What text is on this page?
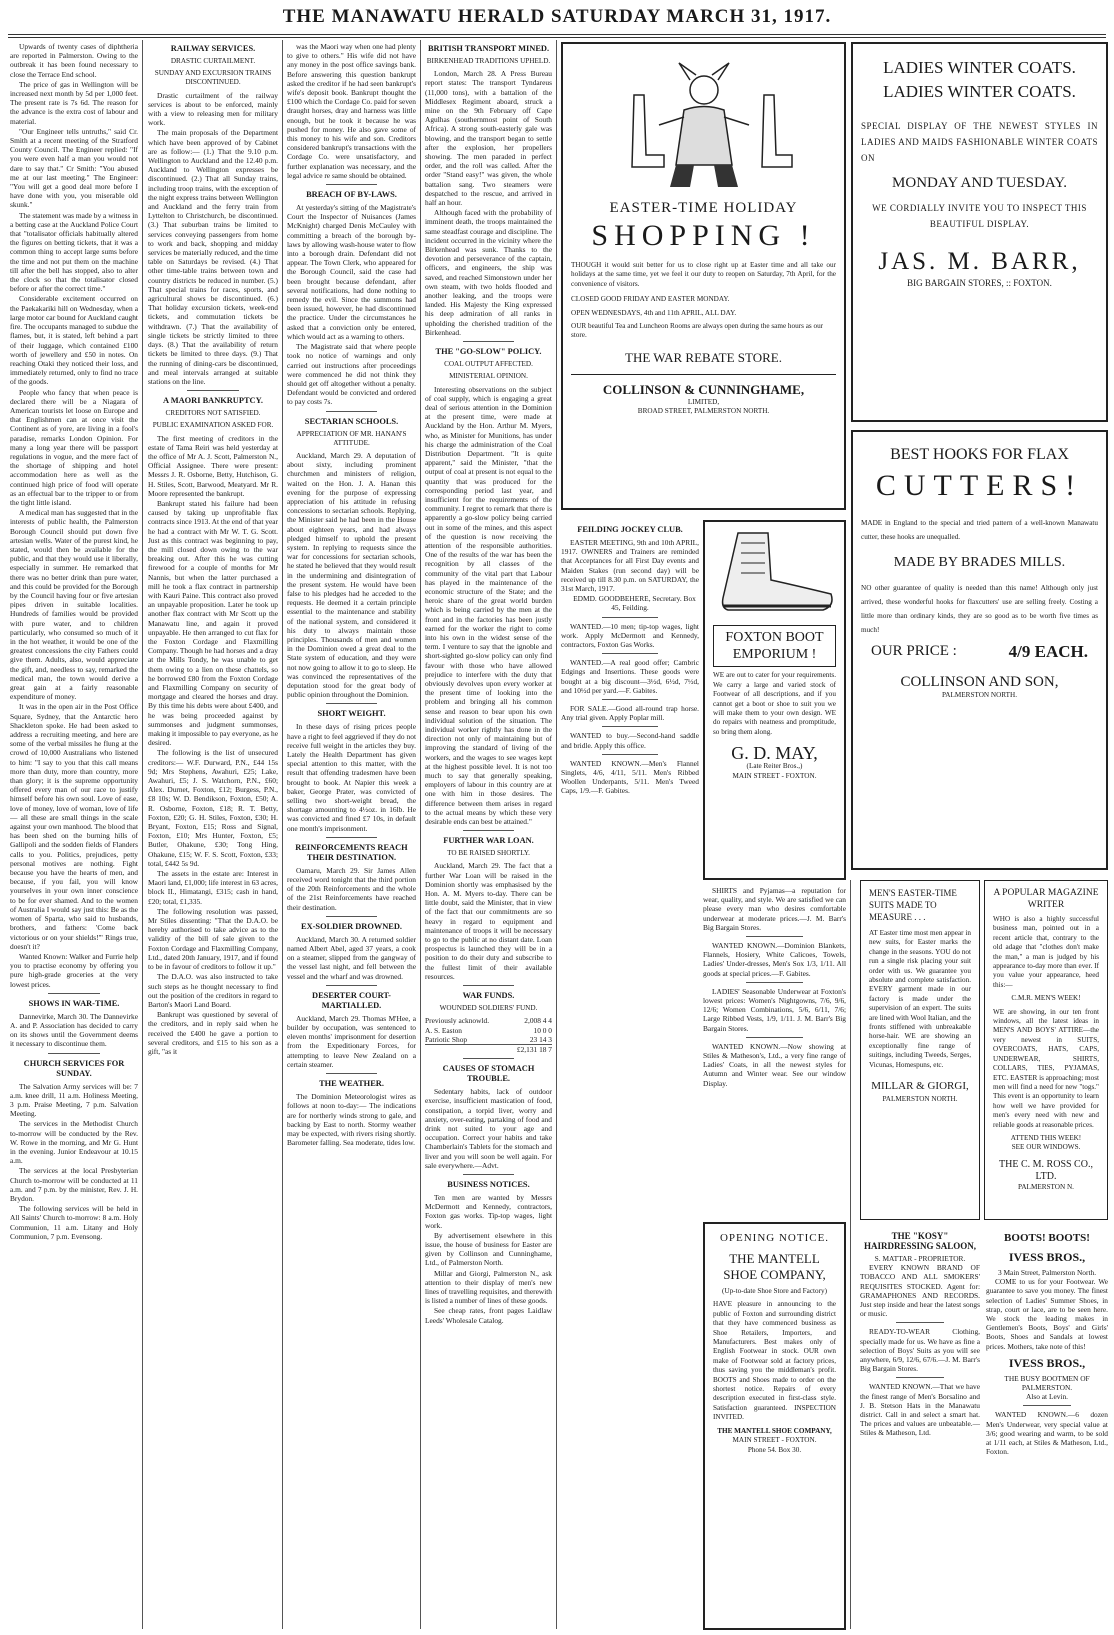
THE MANAWATU HERALD SATURDAY MARCH 31, 1917.

Upwards of twenty cases of diphtheria are reported in Palmerston. Owing to the outbreak it has been found necessary to close the Terrace End school.

The price of gas in Wellington will be increased next month by 5d per 1,000 feet. The present rate is 7s 6d. The reason for the advance is the extra cost of labour and material.

"Our Engineer tells untruths," said Cr. Smith at a recent meeting of the Stratford County Council. The Engineer replied: "If you were even half a man you would not dare to say that." Cr Smith: "You abused me at our last meeting." The Engineer: "You will get a good deal more before I have done with you, you miserable old skunk."

The statement was made by a witness in a betting case at the Auckland Police Court that "totalisator officials habitually altered the figures on betting tickets, that it was a common thing to accept large sums before the time and not put them on the machine till after the bell has stopped, also to alter the clock so that the totalisator closed before or after the correct time."

Considerable excitement occurred on the Paekakariki hill on Wednesday, when a large motor car bound for Auckland caught fire. The occupants managed to subdue the flames, but, it is stated, left behind a part of their luggage, which contained £100 worth of jewellery and £50 in notes. On reaching Otaki they noticed their loss, and immediately returned, only to find no trace of the goods.

People who fancy that when peace is declared there will be a Niagara of American tourists let loose on Europe and that Englishmen can at once visit the Continent as of yore, are living in a fool's paradise, remarks London Opinion. For many a long year there will be passport regulations in vogue, and the mere fact of the shortage of shipping and hotel accommodation here as well as the continued high price of food will operate as an effectual bar to the tripper to or from the tight little island.

A medical man has suggested that in the interests of public health, the Palmerston Borough Council should put down five artesian wells. Water of the purest kind, he stated, would then be available for the public, and that they would use it liberally, especially in summer. He remarked that there was no better drink than pure water, and this could be provided for the Borough by the Council having four or five artesian pipes driven in suitable localities. Hundreds of families would be provided with pure water, and to children particularly, who consumed so much of it in the hot weather, it would be one of the greatest concessions the city Fathers could give them. Adults, also, would appreciate the gift, and, needless to say, remarked the medical man, the town would derive a great gain at a fairly reasonable expenditure of money.

It was in the open air in the Post Office Square, Sydney, that the Antarctic hero Shackleton spoke. He had been asked to address a recruiting meeting, and here are some of the verbal missiles he flung at the crowd of 10,000 Australians who listened to him: "I say to you that this call means more than duty, more than country, more than glory; it is the supreme opportunity offered every man of our race to justify himself before his own soul. Love of ease, love of money, love of woman, love of life — all these are small things in the scale against your own manhood. The blood that has been shed on the burning hills of Gallipoli and the sodden fields of Flanders calls to you. Politics, prejudices, petty personal motives are nothing. Fight because you have the hearts of men, and because, if you fail, you will know yourselves in your own inner conscience to be for ever shamed. And to the women of Australia I would say just this: Be as the women of Sparta, who said to husbands, brothers, and fathers: 'Come back victorious or on your shields!'" Rings true, doesn't it?

Wanted Known: Walker and Furrie help you to practise economy by offering you pure high-grade groceries at the very lowest prices.

SHOWS IN WAR-TIME.

Dannevirke, March 30. The Dannevirke A. and P. Association has decided to carry on its shows until the Government deems it necessary to discontinue them.

CHURCH SERVICES FOR SUNDAY.

The Salvation Army services will be: 7 a.m. knee drill, 11 a.m. Holiness Meeting, 3 p.m. Praise Meeting, 7 p.m. Salvation Meeting.

The services in the Methodist Church to-morrow will be conducted by the Rev. W. Rowe in the morning, and Mr G. Hunt in the evening. Junior Endeavour at 10.15 a.m.

The services at the local Presbyterian Church to-morrow will be conducted at 11 a.m. and 7 p.m. by the minister, Rev. J. H. Brydon.

The following services will be held in All Saints' Church to-morrow: 8 a.m. Holy Communion, 11 a.m. Litany and Holy Communion, 7 p.m. Evensong.

RAILWAY SERVICES.
DRASTIC CURTAILMENT.
SUNDAY AND EXCURSION TRAINS DISCONTINUED.

Drastic curtailment of the railway services is about to be enforced, mainly with a view to releasing men for military work.

The main proposals of the Department which have been approved of by Cabinet are as follow:— (1.) That the 9.10 p.m. Wellington to Auckland and the 12.40 p.m. Auckland to Wellington expresses be discontinued. (2.) That all Sunday trains, including troop trains, with the exception of the night express trains between Wellington and Auckland and the ferry train from Lyttelton to Christchurch, be discontinued. (3.) That suburban trains be limited to services conveying passengers from home to work and back, shopping and midday services be materially reduced, and the time table on Saturdays be revised. (4.) That other time-table trains between town and country districts be reduced in number. (5.) That special trains for races, sports, and agricultural shows be discontinued. (6.) That holiday excursion tickets, week-end tickets, and commutation tickets be withdrawn. (7.) That the availability of single tickets be strictly limited to three days. (8.) That the availability of return tickets be limited to three days. (9.) That the running of dining-cars be discontinued, and meal intervals arranged at suitable stations on the line.

A MAORI BANKRUPTCY.
CREDITORS NOT SATISFIED.
PUBLIC EXAMINATION ASKED FOR.

The first meeting of creditors in the estate of Tama Reiri was held yesterday at the office of Mr A. J. Scott, Palmerston N., Official Assignee. There were present: Messrs J. R. Osborne, Betty, Hutchison, G. H. Stiles, Scott, Barwood, Meatyard. Mr R. Moore represented the bankrupt.

Bankrupt stated his failure had been caused by taking up unprofitable flax contracts since 1913. At the end of that year he had a contract with Mr W. T. G. Scott. Just as this contract was beginning to pay, the mill closed down owing to the war breaking out. After this he was cutting firewood for a couple of months for Mr Nannis, but when the latter purchased a mill he took a flax contract in partnership with Kauri Paine. This contract also proved an unpayable proposition. Later he took up another flax contract with Mr Scott up the Manawatu line, and again it proved unpayable. He then arranged to cut flax for the Foxton Cordage and Flaxmilling Company. Though he had horses and a dray at the Mills Tondy, he was unable to get them owing to a lien on these chattels, so he borrowed £80 from the Foxton Cordage and Flaxmilling Company on security of mortgage and cleared the horses and dray. By this time his debts were about £400, and he was being proceeded against by summonses and judgment summonses, making it impossible to pay everyone, as he desired.

The following is the list of unsecured creditors:— W.F. Durward, P.N., £44 15s 9d; Mrs Stephens, Awahuri, £25; Lake, Awahuri, £5; J. S. Watchorn, P.N., £60; Alex. Durnet, Foxton, £12; Burgess, P.N., £8 10s; W. D. Bendikson, Foxton, £50; A. R. Osborne, Foxton, £18; R. T. Betty, Foxton, £20; G. H. Stiles, Foxton, £30; H. Bryant, Foxton, £15; Ross and Signal, Foxton, £10; Mrs Hunter, Foxton, £5; Butler, Ohakune, £30; Tong Hing, Ohakune, £15; W. F. S. Scott, Foxton, £33; total, £442 5s 9d.

The assets in the estate are: Interest in Maori land, £1,000; life interest in 63 acres, block II., Himatangi, £315; cash in hand, £20; total, £1,335.

The following resolution was passed, Mr Stiles dissenting: "That the D.A.O. be hereby authorised to take advice as to the validity of the bill of sale given to the Foxton Cordage and Flaxmilling Company, Ltd., dated 20th January, 1917, and if found to be in favour of creditors to follow it up."

The D.A.O. was also instructed to take such steps as he thought necessary to find out the position of the creditors in regard to Barton's Maori Land Board.

Bankrupt was questioned by several of the creditors, and in reply said when he received the £400 he gave a portion to several creditors, and £15 to his son as a gift, "as it

was the Maori way when one had plenty to give to others." His wife did not have any money in the post office savings bank. Before answering this question bankrupt asked the creditor if he had seen bankrupt's wife's deposit book. Bankrupt thought the £100 which the Cordage Co. paid for seven draught horses, dray and harness was little enough, but he took it because he was pushed for money. He also gave some of this money to his wife and son. Creditors considered bankrupt's transactions with the Cordage Co. were unsatisfactory, and further explanation was necessary, and the legal advice re same should be obtained.

BREACH OF BY-LAWS.

At yesterday's sitting of the Magistrate's Court the Inspector of Nuisances (James McKnight) charged Denis McCauley with committing a breach of the borough by-laws by allowing wash-house water to flow into a borough drain. Defendant did not appear. The Town Clerk, who appeared for the Borough Council, said the case had been brought because defendant, after several notifications, had done nothing to remedy the evil. Since the summons had been issued, however, he had discontinued the practice. Under the circumstances he asked that a conviction only be entered, which would act as a warning to others.

The Magistrate said that where people took no notice of warnings and only carried out instructions after proceedings were commenced he did not think they should get off altogether without a penalty. Defendant would be convicted and ordered to pay costs 7s.

SECTARIAN SCHOOLS.
APPRECIATION OF MR. HANAN'S ATTITUDE.

Auckland, March 29. A deputation of about sixty, including prominent churchmen and ministers of religion, waited on the Hon. J. A. Hanan this evening for the purpose of expressing appreciation of his attitude in refusing concessions to sectarian schools. Replying, the Minister said he had been in the House about eighteen years, and had always pledged himself to uphold the present system. In replying to requests since the war for concessions for sectarian schools, he stated he believed that they would result in the undermining and disintegration of the present system. He would have been false to his pledges had he acceded to the requests. He deemed it a certain principle essential to the maintenance and stability of the national system, and considered it his duty to always maintain those principles. Thousands of men and women in the Dominion owed a great deal to the State system of education, and they were not now going to allow it to go to sleep. He was convinced the representatives of the deputation stood for the great body of public opinion throughout the Dominion.

SHORT WEIGHT.

In these days of rising prices people have a right to feel aggrieved if they do not receive full weight in the articles they buy. Lately the Health Department has given special attention to this matter, with the result that offending tradesmen have been brought to book. At Napier this week a baker, George Prater, was convicted of selling two short-weight bread, the shortage amounting to 4½oz. in 16lb. He was convicted and fined £7 10s, in default one month's imprisonment.

REINFORCEMENTS REACH THEIR DESTINATION.

Oamaru, March 29. Sir James Allen received word tonight that the third portion of the 20th Reinforcements and the whole of the 21st Reinforcements have reached their destination.

EX-SOLDIER DROWNED.

Auckland, March 30. A returned soldier named Albert Abel, aged 37 years, a cook on a steamer, slipped from the gangway of the vessel last night, and fell between the vessel and the wharf and was drowned.

DESERTER COURT-MARTIALLED.

Auckland, March 29. Thomas M'Hee, a builder by occupation, was sentenced to eleven months' imprisonment for desertion from the Expeditionary Forces, for attempting to leave New Zealand on a certain steamer.

THE WEATHER.

The Dominion Meteorologist wires as follows at noon to-day:— The indications are for northerly winds strong to gale, and backing by East to north. Stormy weather may be expected, with rivers rising shortly. Barometer falling. Sea moderate, tides low.

BRITISH TRANSPORT MINED.
BIRKENHEAD TRADITIONS UPHELD.

London, March 28. A Press Bureau report states: The transport Tyndareus (11,000 tons), with a battalion of the Middlesex Regiment aboard, struck a mine on the 9th February off Cape Agulhas (southernmost point of South Africa). A strong south-easterly gale was blowing, and the transport began to settle after the explosion, her propellers showing. The men paraded in perfect order, and the roll was called. After the order "Stand easy!" was given, the whole battalion sang. Two steamers were despatched to the rescue, and arrived in half an hour.

Although faced with the probability of imminent death, the troops maintained the same steadfast courage and discipline. The incident occurred in the vicinity where the Birkenhead was sunk. Thanks to the devotion and perseverance of the captain, officers, and engineers, the ship was saved, and reached Simonstown under her own steam, with two holds flooded and another leaking, and the troops were landed. His Majesty the King expressed his deep admiration of all ranks in upholding the cherished tradition of the Birkenhead.

THE "GO-SLOW" POLICY.
COAL OUTPUT AFFECTED.
MINISTERIAL OPINION.

Interesting observations on the subject of coal supply, which is engaging a great deal of serious attention in the Dominion at the present time, were made at Auckland by the Hon. Arthur M. Myers, who, as Minister for Munitions, has under his charge the administration of the Coal Distribution Department. "It is quite apparent," said the Minister, "that the output of coal at present is not equal to the quantity that was produced for the corresponding period last year, and insufficient for the requirements of the community. I regret to remark that there is apparently a go-slow policy being carried out in some of the mines, and this aspect of the question is now receiving the attention of the responsible authorities. One of the results of the war has been the recognition by all classes of the community of the vital part that Labour has played in the maintenance of the economic structure of the State; and the heroic share of the great world burden which is being carried by the men at the front and in the factories has been justly earned for the worker the right to come into his own in the widest sense of the term. I venture to say that the ignoble and short-sighted go-slow policy can only find favour with those who have allowed prejudice to interfere with the duty that obviously devolves upon every worker at the present time of looking into the problem and bringing all his common sense and reason to bear upon his own individual solution of the situation. The individual worker rightly has done in the direction not only of maintaining but of improving the standard of living of the workers, and the wages to see wages kept at the highest possible level. It is not too much to say that generally speaking, employers of labour in this country are at one with him in those desires. The difference between them arises in regard to the actual means by which these very desirable ends can best be attained."

FURTHER WAR LOAN.
TO BE RAISED SHORTLY.

Auckland, March 29. The fact that a further War Loan will be raised in the Dominion shortly was emphasised by the Hon. A. M. Myers to-day. There can be little doubt, said the Minister, that in view of the fact that our commitments are so heavy in regard to equipment and maintenance of troops it will be necessary to go to the public at no distant date. Loan prospectus is launched they will be in a position to do their duty and subscribe to the fullest limit of their available resources.

WAR FUNDS.
WOUNDED SOLDIERS' FUND.
Previously acknowld.	2,008 4 4
A. S. Easton	10 0 0
Patriotic Shop	23 14 3
£2,131 18 7
CAUSES OF STOMACH TROUBLE.

Sedentary habits, lack of outdoor exercise, insufficient mastication of food, constipation, a torpid liver, worry and anxiety, over-eating, partaking of food and drink not suited to your age and occupation. Correct your habits and take Chamberlain's Tablets for the stomach and liver and you will soon be well again. For sale everywhere.—Advt.

BUSINESS NOTICES.

Ten men are wanted by Messrs McDermott and Kennedy, contractors, Foxton gas works. Tip-top wages, light work.

By advertisement elsewhere in this issue, the house of business for Easter are given by Collinson and Cunninghame, Ltd., of Palmerston North.

Millar and Giorgi, Palmerston N., ask attention to their display of men's new lines of travelling requisites, and therewith is listed a number of lines of these goods.

See cheap rates, front pages Laidlaw Leeds' Wholesale Catalog.

EASTER-TIME HOLIDAY
SHOPPING !

THOUGH it would suit better for us to close right up at Easter time and all take our holidays at the same time, yet we feel it our duty to reopen on Saturday, 7th April, for the convenience of visitors.

CLOSED GOOD FRIDAY AND EASTER MONDAY.

OPEN WEDNESDAYS, 4th and 11th APRIL, ALL DAY.

OUR beautiful Tea and Luncheon Rooms are always open during the same hours as our store.

THE WAR REBATE STORE.
COLLINSON & CUNNINGHAME,
LIMITED,
BROAD STREET, PALMERSTON NORTH.
FEILDING JOCKEY CLUB.

EASTER MEETING, 9th and 10th APRIL, 1917. OWNERS and Trainers are reminded that Acceptances for all First Day events and Maiden Stakes (run second day) will be received up till 8.30 p.m. on SATURDAY, the 31st March, 1917.

EDMD. GOODBEHERE, Secretary. Box 45, Feilding.

WANTED.—10 men; tip-top wages, light work. Apply McDermott and Kennedy, contractors, Foxton Gas Works.

WANTED.—A real good offer; Cambric Edgings and Insertions. These goods were bought at a big discount—3½d, 6½d, 7½d, and 10½d per yard.—F. Gabites.

FOR SALE.—Good all-round trap horse. Any trial given. Apply Poplar mill.

WANTED to buy.—Second-hand saddle and bridle. Apply this office.

WANTED KNOWN.—Men's Flannel Singlets, 4/6, 4/11, 5/11. Men's Ribbed Woollen Underpants, 5/11. Men's Tweed Caps, 1/9.—F. Gabites.

FOXTON BOOT EMPORIUM !

WE are out to cater for your requirements. We carry a large and varied stock of Footwear of all descriptions, and if you cannot get a boot or shoe to suit you we will make them to your own design. WE do repairs with neatness and promptitude, so bring them along.

G. D. MAY,
(Late Reiter Bros.,)
MAIN STREET - FOXTON.

SHIRTS and Pyjamas—a reputation for wear, quality, and style. We are satisfied we can please every man who desires comfortable underwear at moderate prices.—J. M. Barr's Big Bargain Stores.

WANTED KNOWN.—Dominion Blankets, Flannels, Hosiery, White Calicoes, Towels, Ladies' Under-dresses, Men's Sox 1/3, 1/11. All goods at special prices.—F. Gabites.

LADIES' Seasonable Underwear at Foxton's lowest prices: Women's Nightgowns, 7/6, 9/6, 12/6; Women Combinations, 5/6, 6/11, 7/6; Large Ribbed Vests, 1/9, 1/11. J. M. Barr's Big Bargain Stores.

WANTED KNOWN.—Now showing at Stiles & Matheson's, Ltd., a very fine range of Ladies' Coats, in all the newest styles for Autumn and Winter wear. See our window Display.

OPENING NOTICE.
THE MANTELL SHOE COMPANY,
(Up-to-date Shoe Store and Factory)

HAVE pleasure in announcing to the public of Foxton and surrounding district that they have commenced business as Shoe Retailers, Importers, and Manufacturers. Best makes only of English Footwear in stock. OUR own make of Footwear sold at factory prices, thus saving you the middleman's profit. BOOTS and Shoes made to order on the shortest notice. Repairs of every description executed in first-class style. Satisfaction guaranteed. INSPECTION INVITED.

THE MANTELL SHOE COMPANY,
MAIN STREET - FOXTON.
Phone 54. Box 30.
LADIES WINTER COATS.
LADIES WINTER COATS.

SPECIAL DISPLAY OF THE NEWEST STYLES IN LADIES AND MAIDS FASHIONABLE WINTER COATS ON

MONDAY AND TUESDAY.

WE CORDIALLY INVITE YOU TO INSPECT THIS BEAUTIFUL DISPLAY.

JAS. M. BARR,
BIG BARGAIN STORES, :: FOXTON.
BEST HOOKS FOR FLAX
CUTTERS!

MADE in England to the special and tried pattern of a well-known Manawatu cutter, these hooks are unequalled.

MADE BY BRADES MILLS.

NO other guarantee of quality is needed than this name! Although only just arrived, these wonderful hooks for flaxcutters' use are selling freely. Costing a little more than ordinary kinds, they are so good as to be worth five times as much!

OUR PRICE :	4/9 EACH.
COLLINSON AND SON,
PALMERSTON NORTH.
MEN'S EASTER-TIME SUITS MADE TO MEASURE . . .

AT Easter time most men appear in new suits, for Easter marks the change in the seasons. YOU do not run a single risk placing your suit order with us. We guarantee you absolute and complete satisfaction. EVERY garment made in our factory is made under the supervision of an expert. The suits are lined with Wool Italian, and the fronts stiffened with unbreakable horse-hair. WE are showing an exceptionally fine range of suitings, including Tweeds, Serges, Vicunas, Homespuns, etc.

MILLAR & GIORGI,
PALMERSTON NORTH.
A POPULAR MAGAZINE WRITER

WHO is also a highly successful business man, pointed out in a recent article that, contrary to the old adage that "clothes don't make the man," a man is judged by his appearance to-day more than ever. If you value your appearance, heed this:—

C.M.R. MEN'S WEEK!

WE are showing, in our ten front windows, all the latest ideas in MEN'S AND BOYS' ATTIRE—the very newest in SUITS, OVERCOATS, HATS, CAPS, UNDERWEAR, SHIRTS, COLLARS, TIES, PYJAMAS, ETC. EASTER is approaching; most men will find a need for new "togs." This event is an opportunity to learn how well we have provided for men's every need with new and reliable goods at reasonable prices.

ATTEND THIS WEEK!
SEE OUR WINDOWS.
THE C. M. ROSS CO., LTD.
PALMERSTON N.
THE "KOSY" HAIRDRESSING SALOON,
S. MATTAR - PROPRIETOR.

EVERY KNOWN BRAND OF TOBACCO AND ALL SMOKERS' REQUISITES STOCKED. Agent for: GRAMAPHONES AND RECORDS. Just step inside and hear the latest songs or music.

READY-TO-WEAR Clothing, specially made for us. We have as fine a selection of Boys' Suits as you will see anywhere, 6/9, 12/6, 67/6.—J. M. Barr's Big Bargain Stores.

WANTED KNOWN.—That we have the finest range of Men's Borsalino and J. B. Stetson Hats in the Manawatu district. Call in and select a smart hat. The prices and values are unbeatable.—Stiles & Matheson, Ltd.

BOOTS! BOOTS!
IVESS BROS.,
3 Main Street, Palmerston North.

COME to us for your Footwear. We guarantee to save you money. The finest selection of Ladies' Summer Shoes, in strap, court or lace, are to be seen here. We stock the leading makes in Gentlemen's Boots, Boys' and Girls' Boots, Shoes and Sandals at lowest prices. Mothers, take note of this!

IVESS BROS.,
THE BUSY BOOTMEN OF PALMERSTON.
Also at Levin.

WANTED KNOWN.—6 dozen Men's Underwear, very special value at 3/6; good wearing and warm, to be sold at 1/11 each, at Stiles & Matheson, Ltd., Foxton.
